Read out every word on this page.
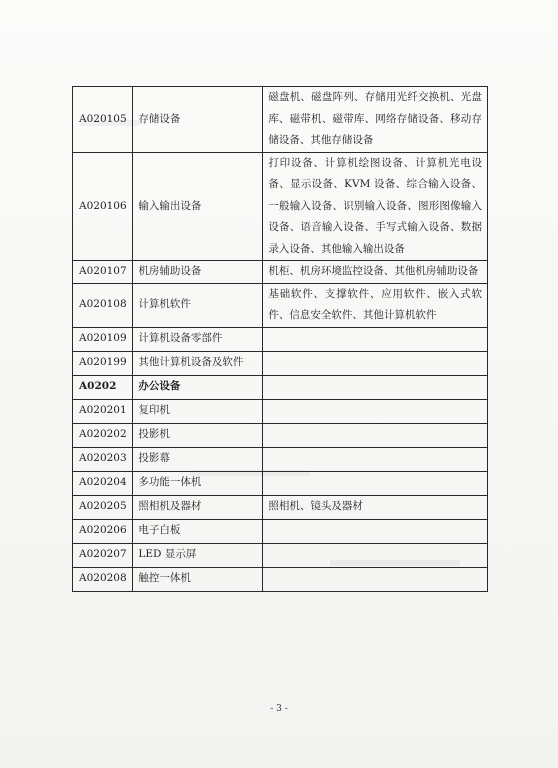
A020105	存储设备	磁盘机、磁盘阵列、存储用光纤交换机、光盘库、磁带机、磁带库、网络存储设备、移动存储设备、其他存储设备
A020106	输入输出设备	打印设备、计算机绘图设备、计算机光电设备、显示设备、KVM 设备、综合输入设备、一般输入设备、识别输入设备、图形图像输入设备、语音输入设备、手写式输入设备、数据录入设备、其他输入输出设备
A020107	机房辅助设备	机柜、机房环境监控设备、其他机房辅助设备
A020108	计算机软件	基础软件、支撑软件、应用软件、嵌入式软件、信息安全软件、其他计算机软件
A020109	计算机设备零部件	
A020199	其他计算机设备及软件	
A0202	办公设备	
A020201	复印机	
A020202	投影机	
A020203	投影幕	
A020204	多功能一体机	
A020205	照相机及器材	照相机、镜头及器材
A020206	电子白板	
A020207	LED 显示屏	
A020208	触控一体机	
- 3 -
